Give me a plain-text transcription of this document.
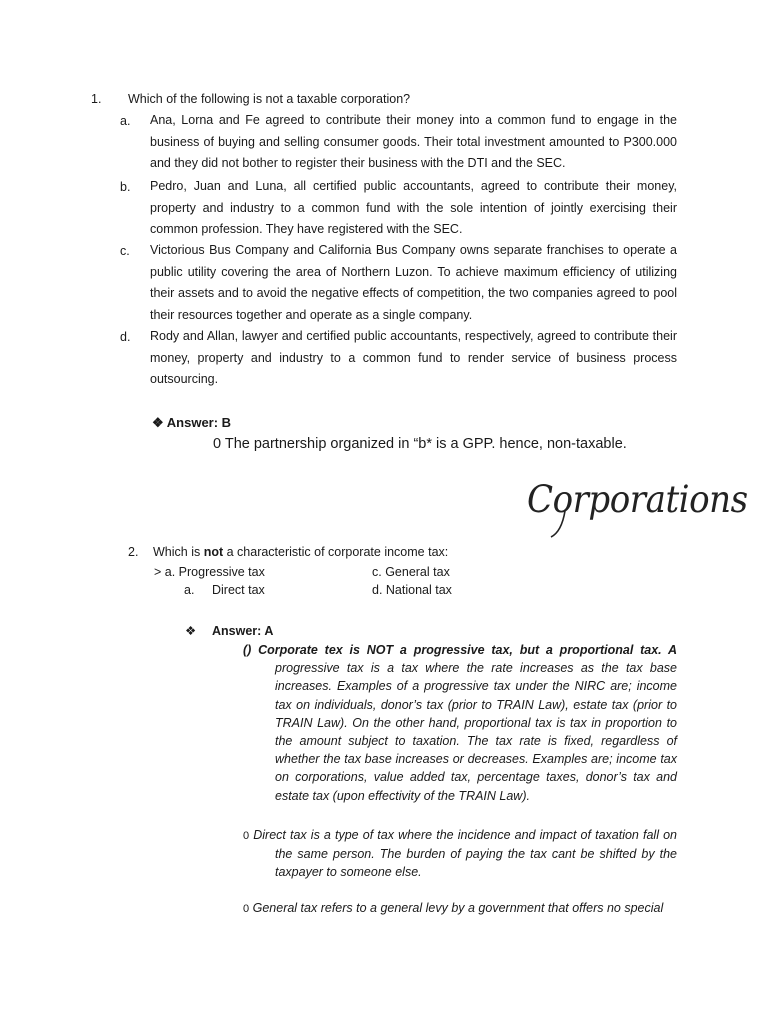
1. Which of the following is not a taxable corporation?
a. Ana, Lorna and Fe agreed to contribute their money into a common fund to engage in the business of buying and selling consumer goods. Their total investment amounted to P300.000 and they did not bother to register their business with the DTI and the SEC.
b. Pedro, Juan and Luna, all certified public accountants, agreed to contribute their money, property and industry to a common fund with the sole intention of jointly exercising their common profession. They have registered with the SEC.
c. Victorious Bus Company and California Bus Company owns separate franchises to operate a public utility covering the area of Northern Luzon. To achieve maximum efficiency of utilizing their assets and to avoid the negative effects of competition, the two companies agreed to pool their resources together and operate as a single company.
d. Rody and Allan, lawyer and certified public accountants, respectively, agreed to contribute their money, property and industry to a common fund to render service of business process outsourcing.
❖ Answer: B
0 The partnership organized in “b* is a GPP. hence, non-taxable.
Corporations
2. Which is not a characteristic of corporate income tax:
> a. Progressive tax	c. General tax
a. Direct tax	d. National tax
❖ Answer: A
() Corporate tex is NOT a progressive tax, but a proportional tax. A progressive tax is a tax where the rate increases as the tax base increases. Examples of a progressive tax under the NIRC are; income tax on individuals, donor’s tax (prior to TRAIN Law), estate tax (prior to TRAIN Law). On the other hand, proportional tax is tax in proportion to the amount subject to taxation. The tax rate is fixed, regardless of whether the tax base increases or decreases. Examples are; income tax on corporations, value added tax, percentage taxes, donor’s tax and estate tax (upon effectivity of the TRAIN Law).
0 Direct tax is a type of tax where the incidence and impact of taxation fall on the same person. The burden of paying the tax cant be shifted by the taxpayer to someone else.
0 General tax refers to a general levy by a government that offers no special
